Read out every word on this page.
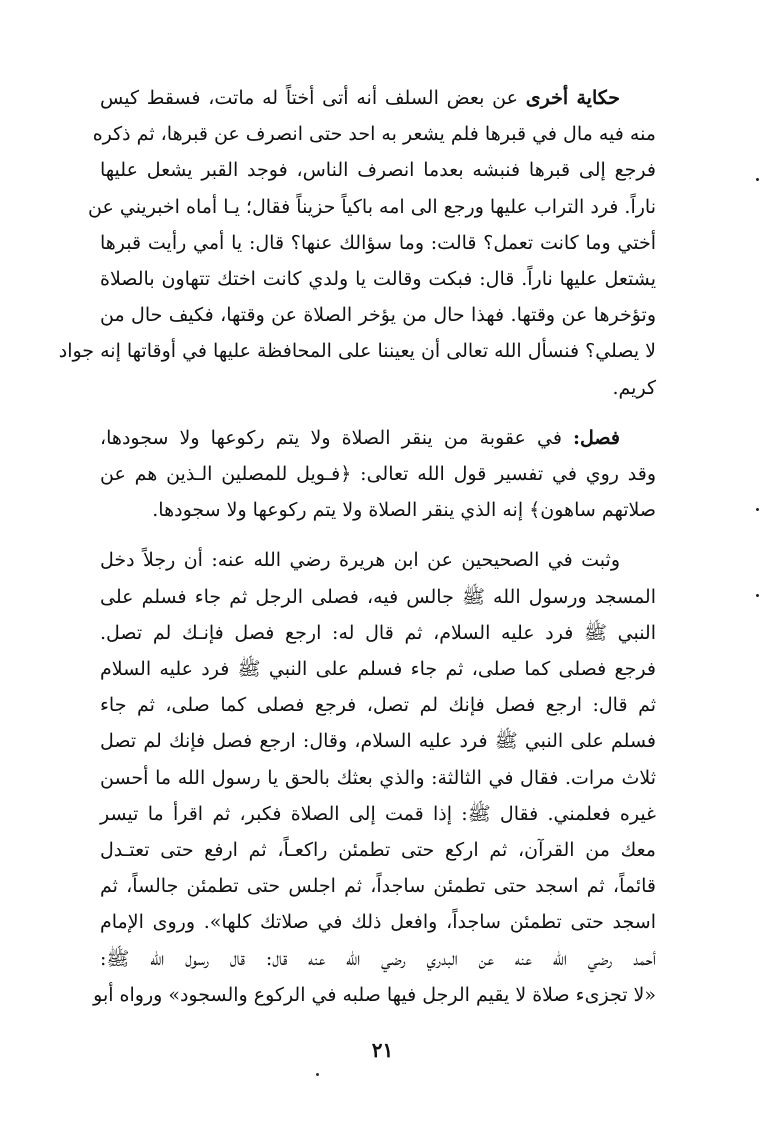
حكاية أخرى عن بعض السلف أنه أتى أختاً له ماتت، فسقط كيس
منه فيه مال في قبرها فلم يشعر به احد حتى انصرف عن قبرها، ثم ذكره
فرجع إلى قبرها فنبشه بعدما انصرف الناس، فوجد القبر يشعل عليها
ناراً. فرد التراب عليها ورجع الى امه باكياً حزيناً فقال؛ يـا أماه اخبريني عن
أختي وما كانت تعمل؟ قالت: وما سؤالك عنها؟ قال: يا أمي رأيت قبرها
يشتعل عليها ناراً. قال: فبكت وقالت يا ولدي كانت اختك تتهاون بالصلاة
وتؤخرها عن وقتها. فهذا حال من يؤخر الصلاة عن وقتها، فكيف حال من
لا يصلي؟ فنسأل الله تعالى أن يعيننا على المحافظة عليها في أوقاتها إنه جواد
كريم.
فصل: في عقوبة من ينقر الصلاة ولا يتم ركوعها ولا سجودها،
وقد روي في تفسير قول الله تعالى: ﴿فـويل للمصلين الـذين هم عن
صلاتهم ساهون﴾ إنه الذي ينقر الصلاة ولا يتم ركوعها ولا سجودها.
وثبت في الصحيحين عن ابن هريرة رضي الله عنه: أن رجلاً دخل
المسجد ورسول الله ﷺ جالس فيه، فصلى الرجل ثم جاء فسلم على
النبي ﷺ فرد عليه السلام، ثم قال له: ارجع فصل فإنـك لم تصل.
فرجع فصلى كما صلى، ثم جاء فسلم على النبي ﷺ فرد عليه السلام
ثم قال: ارجع فصل فإنك لم تصل، فرجع فصلى كما صلى، ثم جاء
فسلم على النبي ﷺ فرد عليه السلام، وقال: ارجع فصل فإنك لم تصل
ثلاث مرات. فقال في الثالثة: والذي بعثك بالحق يا رسول الله ما أحسن
غيره فعلمني. فقال ﷺ: إذا قمت إلى الصلاة فكبر، ثم اقرأ ما تيسر
معك من القرآن، ثم اركع حتى تطمئن راكعـاً، ثم ارفع حتى تعتـدل
قائماً، ثم اسجد حتى تطمئن ساجداً، ثم اجلس حتى تطمئن جالساً، ثم
اسجد حتى تطمئن ساجداً، وافعل ذلك في صلاتك كلها». وروى الإمام
أحمد رضي الله عنه عن البدري رضي الله عنه قال: قال رسول الله ﷺ:
«لا تجزىء صلاة لا يقيم الرجل فيها صلبه في الركوع والسجود» ورواه أبو
٢١
